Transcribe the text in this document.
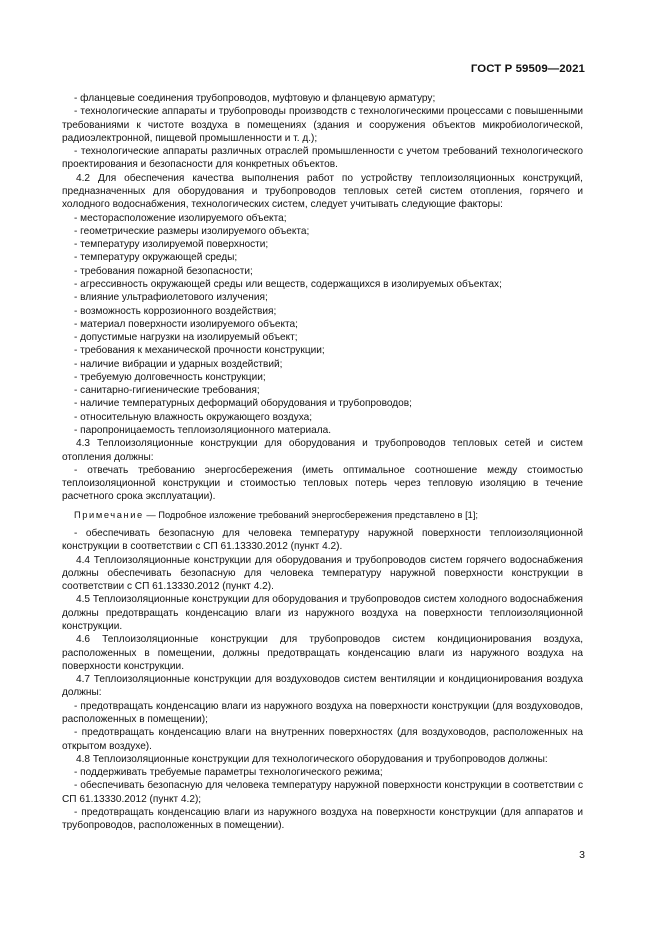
ГОСТ Р 59509—2021

- фланцевые соединения трубопроводов, муфтовую и фланцевую арматуру;

- технологические аппараты и трубопроводы производств с технологическими процессами с повышенными требованиями к чистоте воздуха в помещениях (здания и сооружения объектов микробиологической, радиоэлектронной, пищевой промышленности и т. д.);

- технологические аппараты различных отраслей промышленности с учетом требований технологического проектирования и безопасности для конкретных объектов.

4.2 Для обеспечения качества выполнения работ по устройству теплоизоляционных конструкций, предназначенных для оборудования и трубопроводов тепловых сетей систем отопления, горячего и холодного водоснабжения, технологических систем, следует учитывать следующие факторы:

- месторасположение изолируемого объекта;

- геометрические размеры изолируемого объекта;

- температуру изолируемой поверхности;

- температуру окружающей среды;

- требования пожарной безопасности;

- агрессивность окружающей среды или веществ, содержащихся в изолируемых объектах;

- влияние ультрафиолетового излучения;

- возможность коррозионного воздействия;

- материал поверхности изолируемого объекта;

- допустимые нагрузки на изолируемый объект;

- требования к механической прочности конструкции;

- наличие вибрации и ударных воздействий;

- требуемую долговечность конструкции;

- санитарно-гигиенические требования;

- наличие температурных деформаций оборудования и трубопроводов;

- относительную влажность окружающего воздуха;

- паропроницаемость теплоизоляционного материала.

4.3 Теплоизоляционные конструкции для оборудования и трубопроводов тепловых сетей и систем отопления должны:

- отвечать требованию энергосбережения (иметь оптимальное соотношение между стоимостью теплоизоляционной конструкции и стоимостью тепловых потерь через тепловую изоляцию в течение расчетного срока эксплуатации).

Примечание — Подробное изложение требований энергосбережения представлено в [1];

- обеспечивать безопасную для человека температуру наружной поверхности теплоизоляционной конструкции в соответствии с СП 61.13330.2012 (пункт 4.2).

4.4 Теплоизоляционные конструкции для оборудования и трубопроводов систем горячего водоснабжения должны обеспечивать безопасную для человека температуру наружной поверхности конструкции в соответствии с СП 61.13330.2012 (пункт 4.2).

4.5 Теплоизоляционные конструкции для оборудования и трубопроводов систем холодного водоснабжения должны предотвращать конденсацию влаги из наружного воздуха на поверхности теплоизоляционной конструкции.

4.6 Теплоизоляционные конструкции для трубопроводов систем кондиционирования воздуха, расположенных в помещении, должны предотвращать конденсацию влаги из наружного воздуха на поверхности конструкции.

4.7 Теплоизоляционные конструкции для воздуховодов систем вентиляции и кондиционирования воздуха должны:

- предотвращать конденсацию влаги из наружного воздуха на поверхности конструкции (для воздуховодов, расположенных в помещении);

- предотвращать конденсацию влаги на внутренних поверхностях (для воздуховодов, расположенных на открытом воздухе).

4.8 Теплоизоляционные конструкции для технологического оборудования и трубопроводов должны:

- поддерживать требуемые параметры технологического режима;

- обеспечивать безопасную для человека температуру наружной поверхности конструкции в соответствии с СП 61.13330.2012 (пункт 4.2);

- предотвращать конденсацию влаги из наружного воздуха на поверхности конструкции (для аппаратов и трубопроводов, расположенных в помещении).

3
